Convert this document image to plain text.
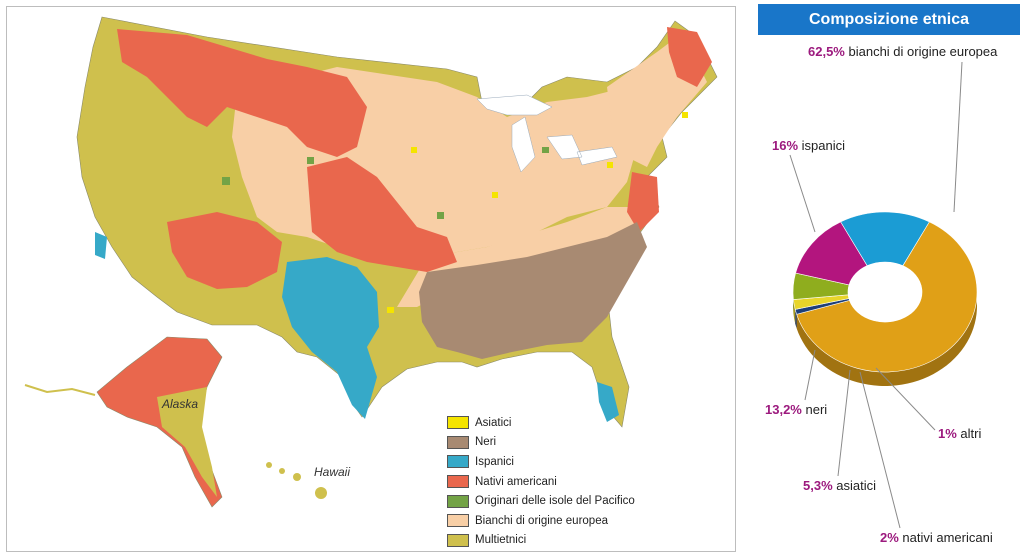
Alaska
Hawaii
Asiatici
Neri
Ispanici
Nativi americani
Originari delle isole del Pacifico
Bianchi di origine europea
Multietnici
Composizione etnica
62,5% bianchi di origine europea
1% altri
2% nativi americani
5,3% asiatici
13,2% neri
16% ispanici
